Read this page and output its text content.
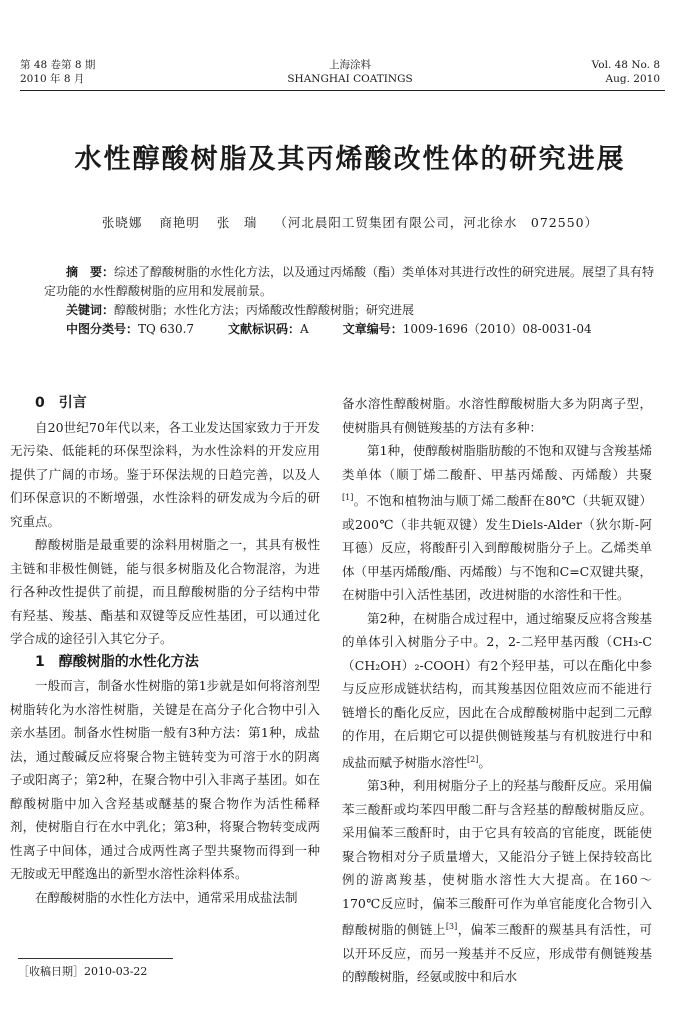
第 48 卷第 8 期
2010 年 8 月
上海涂料
SHANGHAI COATINGS
Vol. 48 No. 8
Aug. 2010
水性醇酸树脂及其丙烯酸改性体的研究进展
张晓娜 商艳明 张　瑞 （河北晨阳工贸集团有限公司，河北徐水　072550）

摘　要：综述了醇酸树脂的水性化方法，以及通过丙烯酸（酯）类单体对其进行改性的研究进展。展望了具有特定功能的水性醇酸树脂的应用和发展前景。

关键词：醇酸树脂；水性化方法；丙烯酸改性醇酸树脂；研究进展

中图分类号：TQ 630.7	文献标识码：A	文章编号：1009-1696（2010）08-0031-04

0　引言

自20世纪70年代以来，各工业发达国家致力于开发无污染、低能耗的环保型涂料，为水性涂料的开发应用提供了广阔的市场。鉴于环保法规的日趋完善，以及人们环保意识的不断增强，水性涂料的研发成为今后的研究重点。

醇酸树脂是最重要的涂料用树脂之一，其具有极性主链和非极性侧链，能与很多树脂及化合物混溶，为进行各种改性提供了前提，而且醇酸树脂的分子结构中带有羟基、羧基、酯基和双键等反应性基团，可以通过化学合成的途径引入其它分子。

1　醇酸树脂的水性化方法

一般而言，制备水性树脂的第1步就是如何将溶剂型树脂转化为水溶性树脂，关键是在高分子化合物中引入亲水基团。制备水性树脂一般有3种方法：第1种，成盐法，通过酸碱反应将聚合物主链转变为可溶于水的阴离子或阳离子；第2种，在聚合物中引入非离子基团。如在醇酸树脂中加入含羟基或醚基的聚合物作为活性稀释剂，使树脂自行在水中乳化；第3种，将聚合物转变成两性离子中间体，通过合成两性离子型共聚物而得到一种无胺或无甲醛逸出的新型水溶性涂料体系。

在醇酸树脂的水性化方法中，通常采用成盐法制

备水溶性醇酸树脂。水溶性醇酸树脂大多为阴离子型，使树脂具有侧链羧基的方法有多种：

第1种，使醇酸树脂脂肪酸的不饱和双键与含羧基烯类单体（顺丁烯二酸酐、甲基丙烯酸、丙烯酸）共聚[1]。不饱和植物油与顺丁烯二酸酐在80℃（共轭双键）或200℃（非共轭双键）发生Diels-Alder（狄尔斯-阿耳德）反应，将酸酐引入到醇酸树脂分子上。乙烯类单体（甲基丙烯酸/酯、丙烯酸）与不饱和C=C双键共聚，在树脂中引入活性基团，改进树脂的水溶性和干性。

第2种，在树脂合成过程中，通过缩聚反应将含羧基的单体引入树脂分子中。2，2-二羟甲基丙酸（CH₃-C（CH₂OH）₂-COOH）有2个羟甲基，可以在酯化中参与反应形成链状结构，而其羧基因位阻效应而不能进行链增长的酯化反应，因此在合成醇酸树脂中起到二元醇的作用，在后期它可以提供侧链羧基与有机胺进行中和成盐而赋予树脂水溶性[2]。

第3种，利用树脂分子上的羟基与酸酐反应。采用偏苯三酸酐或均苯四甲酸二酐与含羟基的醇酸树脂反应。采用偏苯三酸酐时，由于它具有较高的官能度，既能使聚合物相对分子质量增大，又能沿分子链上保持较高比例的游离羧基，使树脂水溶性大大提高。在160～170℃反应时，偏苯三酸酐可作为单官能度化合物引入醇酸树脂的侧链上[3]，偏苯三酸酐的羰基具有活性，可以开环反应，而另一羧基并不反应，形成带有侧链羧基的醇酸树脂，经氨或胺中和后水

［收稿日期］2010-03-22
